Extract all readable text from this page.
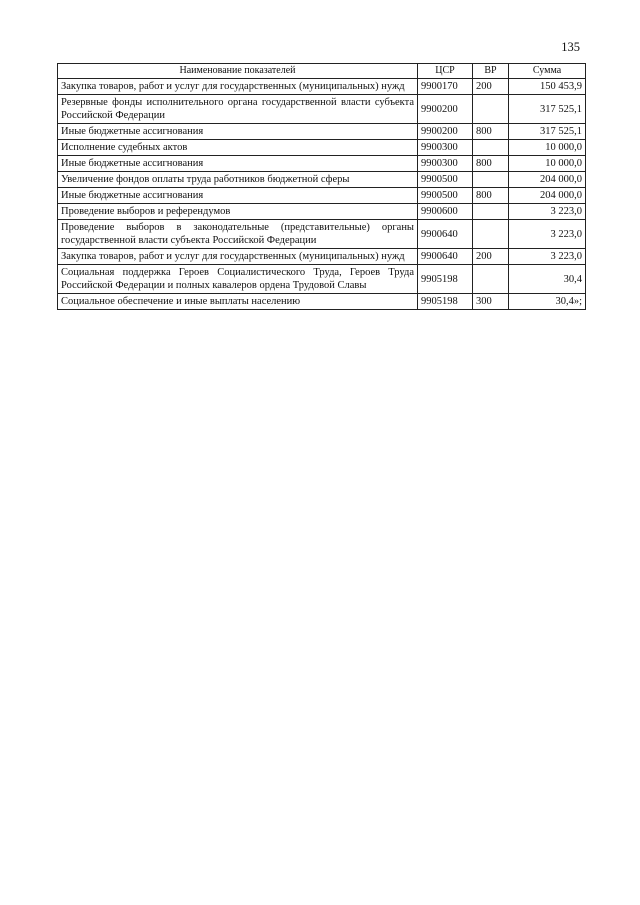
135
Наименование показателей	ЦСР	ВР	Сумма
Закупка товаров, работ и услуг для государственных (муниципальных) нужд	9900170	200	150 453,9
Резервные фонды исполнительного органа государственной власти субъекта Российской Федерации	9900200		317 525,1
Иные бюджетные ассигнования	9900200	800	317 525,1
Исполнение судебных актов	9900300		10 000,0
Иные бюджетные ассигнования	9900300	800	10 000,0
Увеличение фондов оплаты труда работников бюджетной сферы	9900500		204 000,0
Иные бюджетные ассигнования	9900500	800	204 000,0
Проведение выборов и референдумов	9900600		3 223,0
Проведение выборов в законодательные (представительные) органы государственной власти субъекта Российской Федерации	9900640		3 223,0
Закупка товаров, работ и услуг для государственных (муниципальных) нужд	9900640	200	3 223,0
Социальная поддержка Героев Социалистического Труда, Героев Труда Российской Федерации и полных кавалеров ордена Трудовой Славы	9905198		30,4
Социальное обеспечение и иные выплаты населению	9905198	300	30,4»;
